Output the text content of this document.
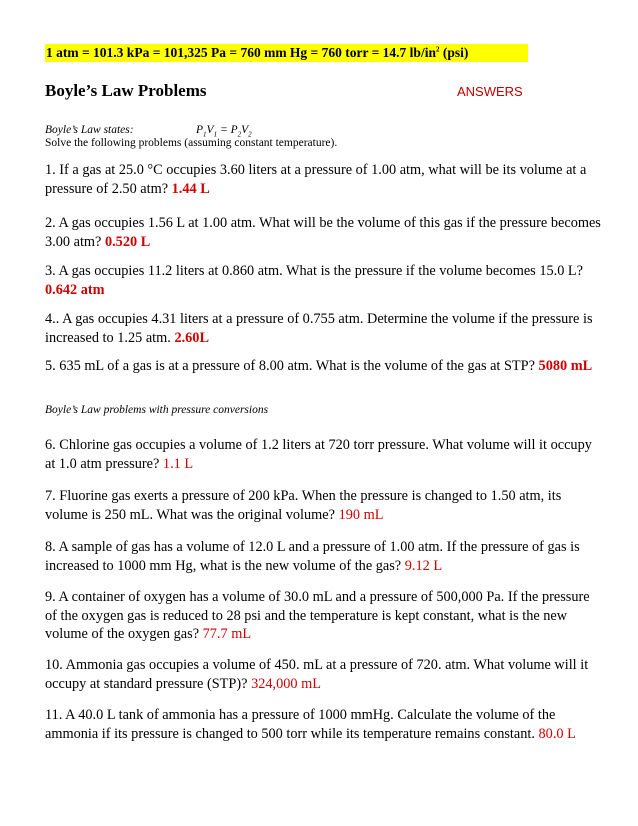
1 atm = 101.3 kPa = 101,325 Pa = 760 mm Hg = 760 torr = 14.7 $lb/in^2$ (psi)
Boyle’s Law Problems	ANSWERS
Boyle’s Law states:	$P_1V_1 = P_2V_2$
Solve the following problems (assuming constant temperature).
1. If a gas at 25.0 °C occupies 3.60 liters at a pressure of 1.00 atm, what will be its volume at a pressure of 2.50 atm? 1.44 L
2. A gas occupies 1.56 L at 1.00 atm. What will be the volume of this gas if the pressure becomes 3.00 atm? 0.520 L
3. A gas occupies 11.2 liters at 0.860 atm. What is the pressure if the volume becomes 15.0 L? 0.642 atm
4.. A gas occupies 4.31 liters at a pressure of 0.755 atm. Determine the volume if the pressure is increased to 1.25 atm. 2.60L
5. 635 mL of a gas is at a pressure of 8.00 atm. What is the volume of the gas at STP? 5080 mL
Boyle’s Law problems with pressure conversions
6. Chlorine gas occupies a volume of 1.2 liters at 720 torr pressure. What volume will it occupy at 1.0 atm pressure? 1.1 L
7. Fluorine gas exerts a pressure of 200 kPa. When the pressure is changed to 1.50 atm, its volume is 250 mL. What was the original volume? 190 mL
8. A sample of gas has a volume of 12.0 L and a pressure of 1.00 atm. If the pressure of gas is increased to 1000 mm Hg, what is the new volume of the gas? 9.12 L
9. A container of oxygen has a volume of 30.0 mL and a pressure of 500,000 Pa. If the pressure of the oxygen gas is reduced to 28 psi and the temperature is kept constant, what is the new volume of the oxygen gas? 77.7 mL
10. Ammonia gas occupies a volume of 450. mL at a pressure of 720. atm. What volume will it occupy at standard pressure (STP)? 324,000 mL
11. A 40.0 L tank of ammonia has a pressure of 1000 mmHg. Calculate the volume of the ammonia if its pressure is changed to 500 torr while its temperature remains constant. 80.0 L
